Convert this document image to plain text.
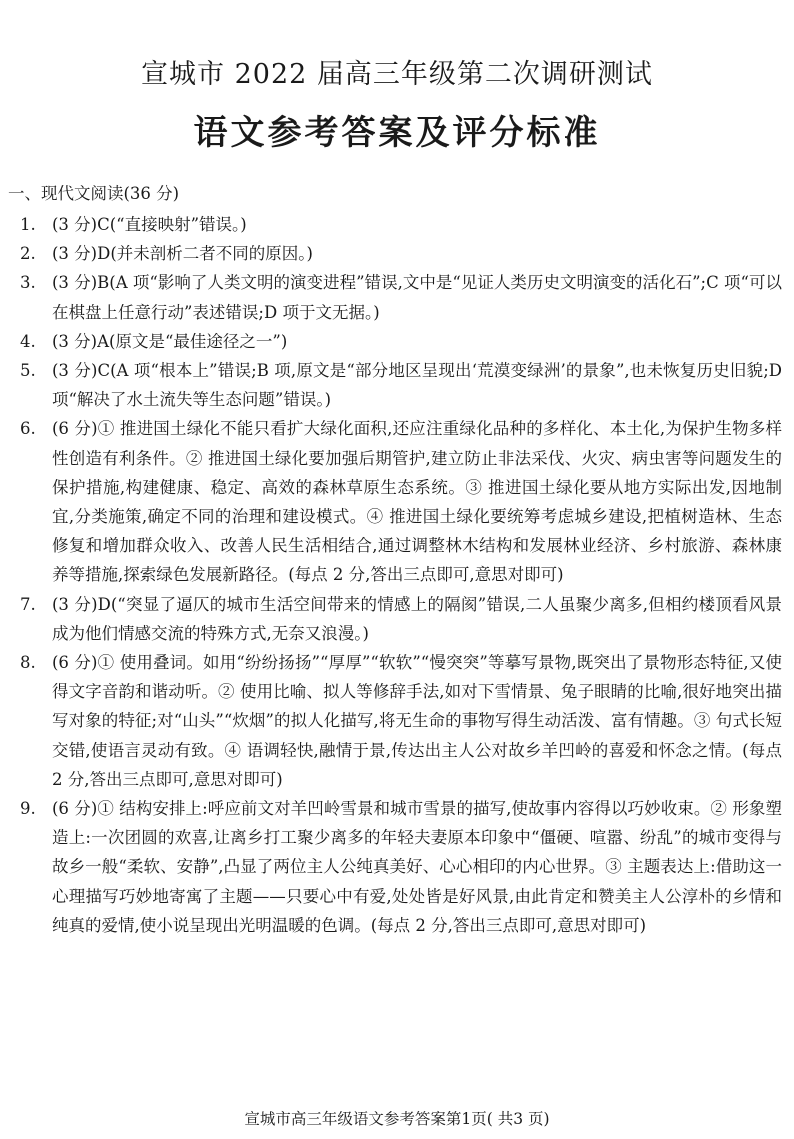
宣城市 2022 届高三年级第二次调研测试
语文参考答案及评分标准
一、现代文阅读(36 分)

1. (3 分)C(“直接映射”错误。)

2. (3 分)D(并未剖析二者不同的原因。)

3. (3 分)B(A 项“影响了人类文明的演变进程”错误,文中是“见证人类历史文明演变的活化石”;C 项“可以在棋盘上任意行动”表述错误;D 项于文无据。)

4. (3 分)A(原文是“最佳途径之一”)

5. (3 分)C(A 项“根本上”错误;B 项,原文是“部分地区呈现出‘荒漠变绿洲’的景象”,也未恢复历史旧貌;D 项“解决了水土流失等生态问题”错误。)

6. (6 分)① 推进国土绿化不能只看扩大绿化面积,还应注重绿化品种的多样化、本土化,为保护生物多样性创造有利条件。② 推进国土绿化要加强后期管护,建立防止非法采伐、火灾、病虫害等问题发生的保护措施,构建健康、稳定、高效的森林草原生态系统。③ 推进国土绿化要从地方实际出发,因地制宜,分类施策,确定不同的治理和建设模式。④ 推进国土绿化要统筹考虑城乡建设,把植树造林、生态修复和增加群众收入、改善人民生活相结合,通过调整林木结构和发展林业经济、乡村旅游、森林康养等措施,探索绿色发展新路径。(每点 2 分,答出三点即可,意思对即可)

7. (3 分)D(“突显了逼仄的城市生活空间带来的情感上的隔阂”错误,二人虽聚少离多,但相约楼顶看风景成为他们情感交流的特殊方式,无奈又浪漫。)

8. (6 分)① 使用叠词。如用“纷纷扬扬”“厚厚”“软软”“慢突突”等摹写景物,既突出了景物形态特征,又使得文字音韵和谐动听。② 使用比喻、拟人等修辞手法,如对下雪情景、兔子眼睛的比喻,很好地突出描写对象的特征;对“山头”“炊烟”的拟人化描写,将无生命的事物写得生动活泼、富有情趣。③ 句式长短交错,使语言灵动有致。④ 语调轻快,融情于景,传达出主人公对故乡羊凹岭的喜爱和怀念之情。(每点 2 分,答出三点即可,意思对即可)

9. (6 分)① 结构安排上:呼应前文对羊凹岭雪景和城市雪景的描写,使故事内容得以巧妙收束。② 形象塑造上:一次团圆的欢喜,让离乡打工聚少离多的年轻夫妻原本印象中“僵硬、喧嚣、纷乱”的城市变得与故乡一般“柔软、安静”,凸显了两位主人公纯真美好、心心相印的内心世界。③ 主题表达上:借助这一心理描写巧妙地寄寓了主题——只要心中有爱,处处皆是好风景,由此肯定和赞美主人公淳朴的乡情和纯真的爱情,使小说呈现出光明温暖的色调。(每点 2 分,答出三点即可,意思对即可)

宣城市高三年级语文参考答案第1页( 共3 页)
